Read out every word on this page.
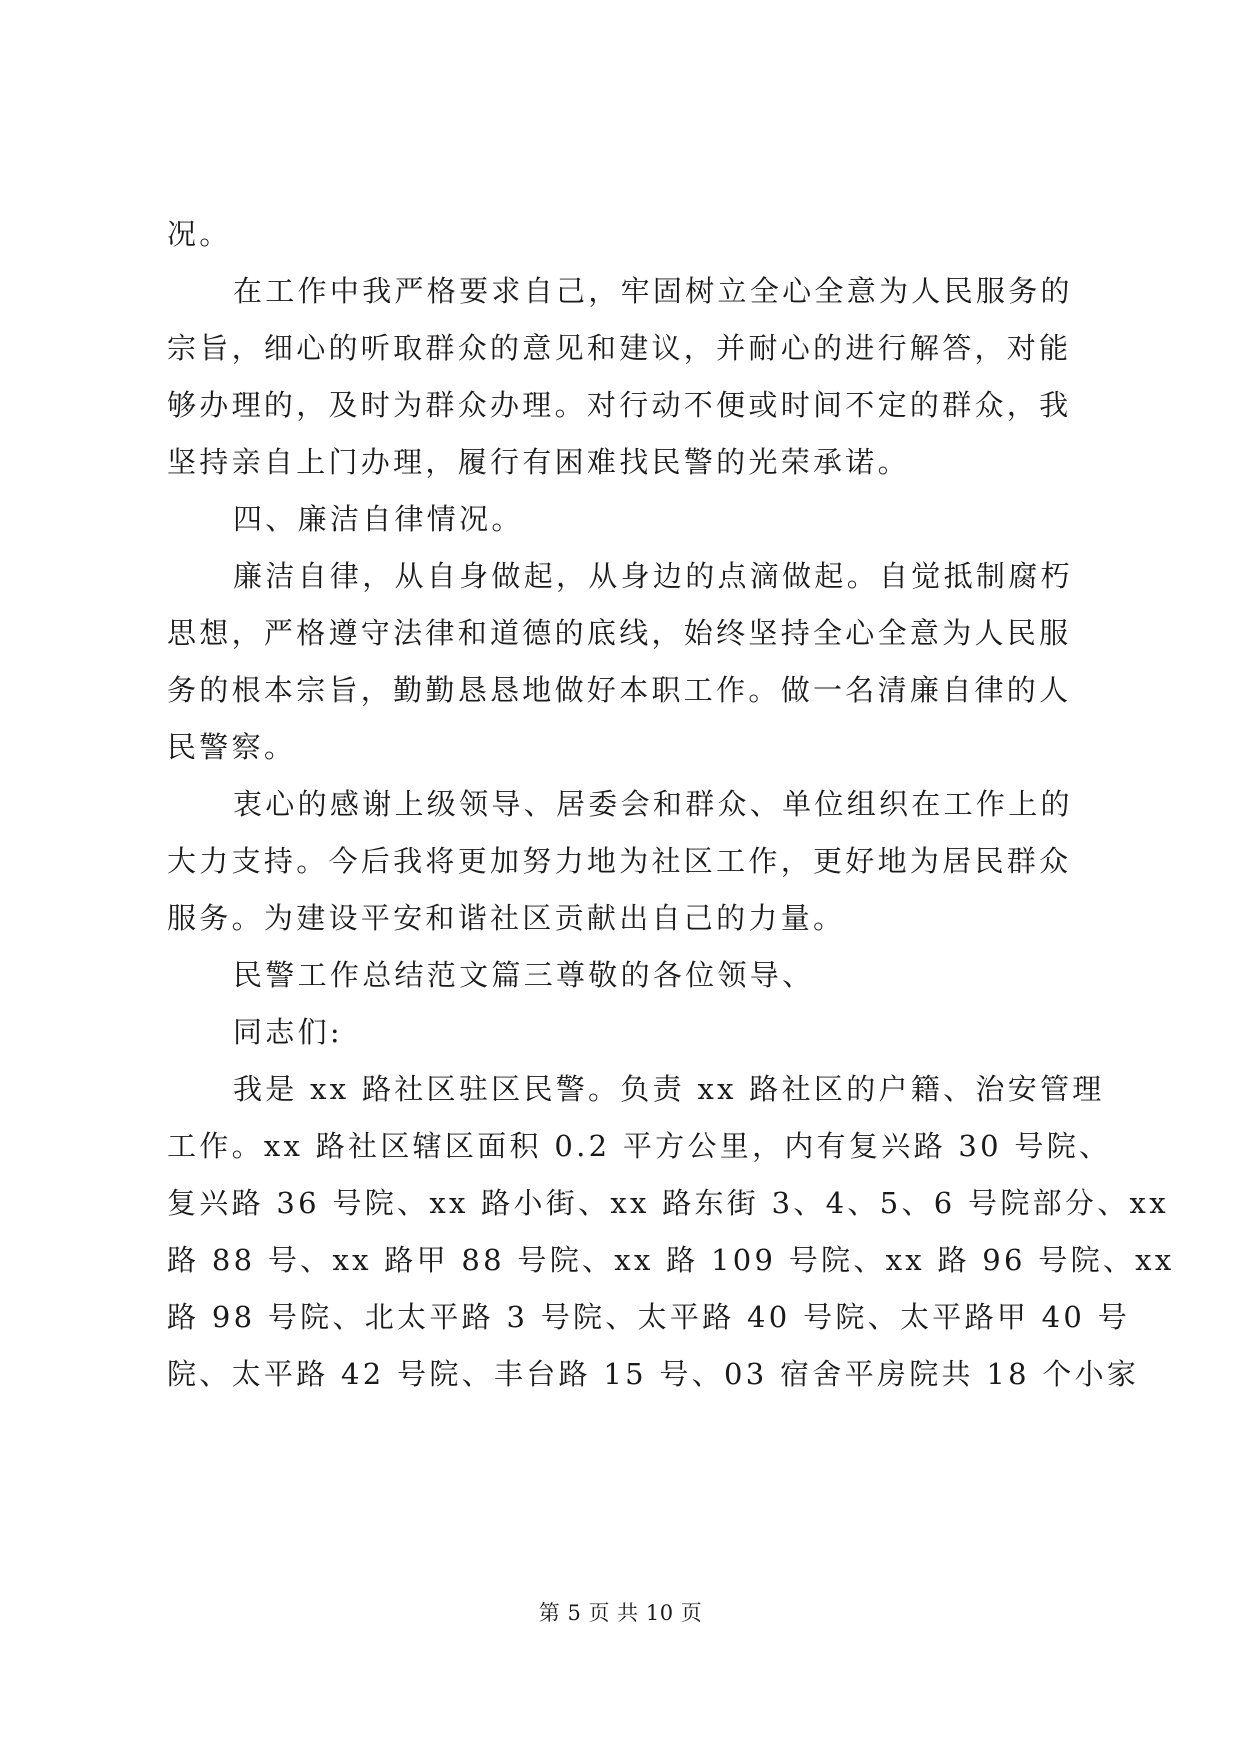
况。
在工作中我严格要求自己，牢固树立全心全意为人民服务的
宗旨，细心的听取群众的意见和建议，并耐心的进行解答，对能
够办理的，及时为群众办理。对行动不便或时间不定的群众，我
坚持亲自上门办理，履行有困难找民警的光荣承诺。
四、廉洁自律情况。
廉洁自律，从自身做起，从身边的点滴做起。自觉抵制腐朽
思想，严格遵守法律和道德的底线，始终坚持全心全意为人民服
务的根本宗旨，勤勤恳恳地做好本职工作。做一名清廉自律的人
民警察。
衷心的感谢上级领导、居委会和群众、单位组织在工作上的
大力支持。今后我将更加努力地为社区工作，更好地为居民群众
服务。为建设平安和谐社区贡献出自己的力量。
民警工作总结范文篇三尊敬的各位领导、
同志们:
我是 xx 路社区驻区民警。负责 xx 路社区的户籍、治安管理
工作。xx 路社区辖区面积 0.2 平方公里，内有复兴路 30 号院、
复兴路 36 号院、xx 路小街、xx 路东街 3、4、5、6 号院部分、xx
路 88 号、xx 路甲 88 号院、xx 路 109 号院、xx 路 96 号院、xx
路 98 号院、北太平路 3 号院、太平路 40 号院、太平路甲 40 号
院、太平路 42 号院、丰台路 15 号、03 宿舍平房院共 18 个小家
第 5 页 共 10 页
